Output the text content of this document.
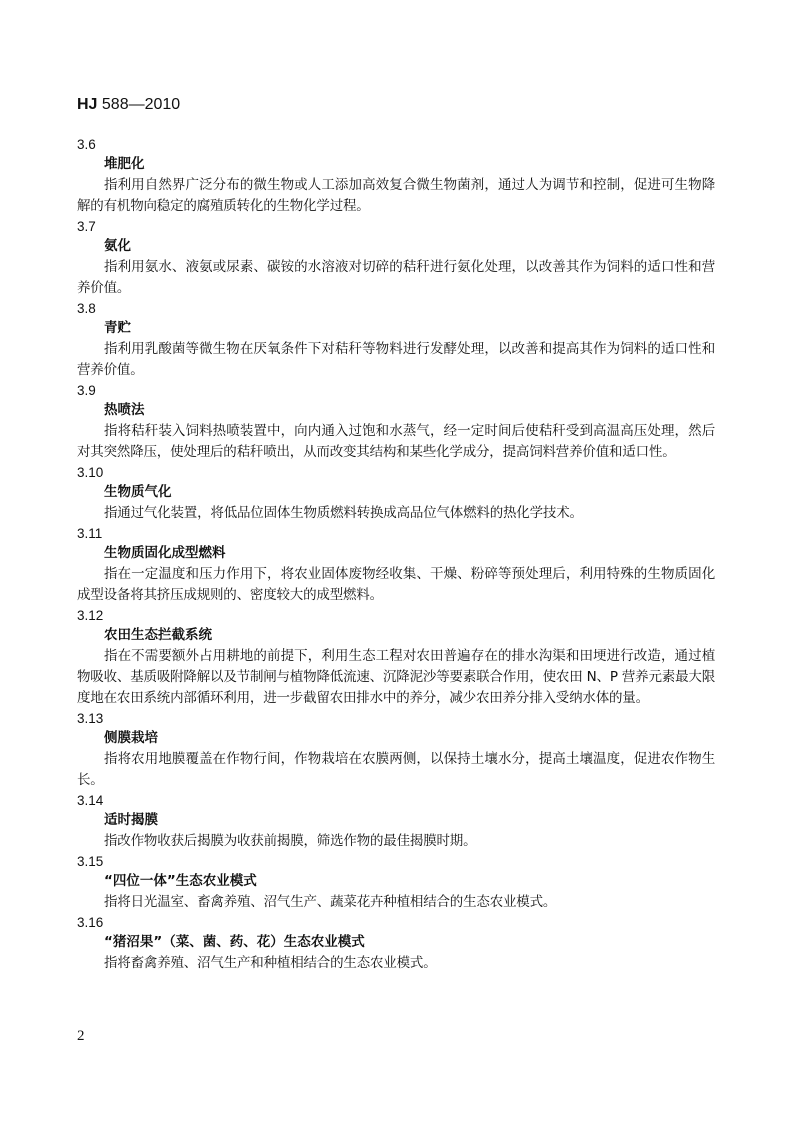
HJ 588—2010
3.6
堆肥化

指利用自然界广泛分布的微生物或人工添加高效复合微生物菌剂，通过人为调节和控制，促进可生物降解的有机物向稳定的腐殖质转化的生物化学过程。

3.7
氨化

指利用氨水、液氨或尿素、碳铵的水溶液对切碎的秸秆进行氨化处理，以改善其作为饲料的适口性和营养价值。

3.8
青贮

指利用乳酸菌等微生物在厌氧条件下对秸秆等物料进行发酵处理，以改善和提高其作为饲料的适口性和营养价值。

3.9
热喷法

指将秸秆装入饲料热喷装置中，向内通入过饱和水蒸气，经一定时间后使秸秆受到高温高压处理，然后对其突然降压，使处理后的秸秆喷出，从而改变其结构和某些化学成分，提高饲料营养价值和适口性。

3.10
生物质气化

指通过气化装置，将低品位固体生物质燃料转换成高品位气体燃料的热化学技术。

3.11
生物质固化成型燃料

指在一定温度和压力作用下，将农业固体废物经收集、干燥、粉碎等预处理后，利用特殊的生物质固化成型设备将其挤压成规则的、密度较大的成型燃料。

3.12
农田生态拦截系统

指在不需要额外占用耕地的前提下，利用生态工程对农田普遍存在的排水沟渠和田埂进行改造，通过植物吸收、基质吸附降解以及节制闸与植物降低流速、沉降泥沙等要素联合作用，使农田 N、P 营养元素最大限度地在农田系统内部循环利用，进一步截留农田排水中的养分，减少农田养分排入受纳水体的量。

3.13
侧膜栽培

指将农用地膜覆盖在作物行间，作物栽培在农膜两侧，以保持土壤水分，提高土壤温度，促进农作物生长。

3.14
适时揭膜

指改作物收获后揭膜为收获前揭膜，筛选作物的最佳揭膜时期。

3.15
“四位一体”生态农业模式

指将日光温室、畜禽养殖、沼气生产、蔬菜花卉种植相结合的生态农业模式。

3.16
“猪沼果”（菜、菌、药、花）生态农业模式

指将畜禽养殖、沼气生产和种植相结合的生态农业模式。

2
